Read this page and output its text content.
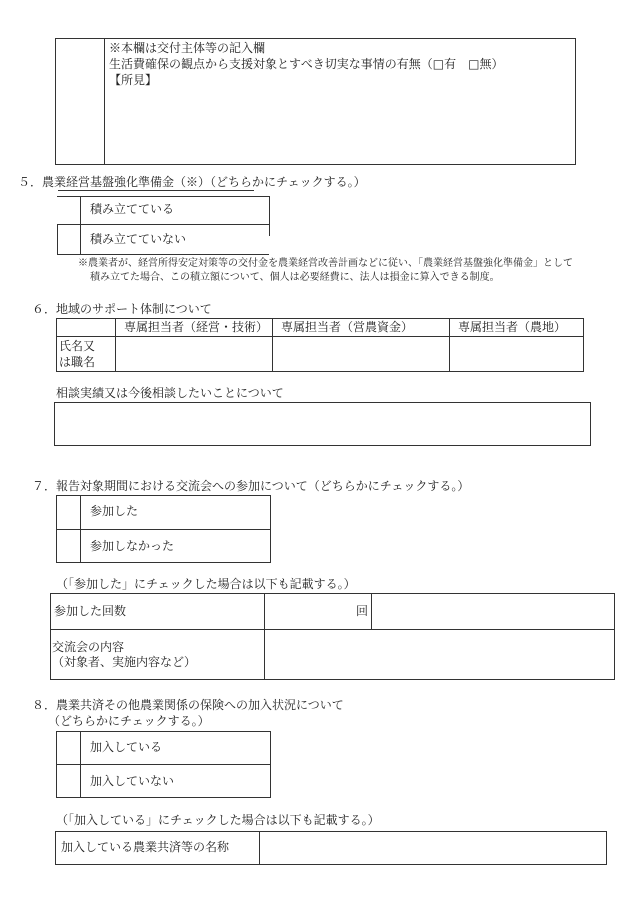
※本欄は交付主体等の記入欄
生活費確保の観点から支援対象とすべき切実な事情の有無（□有　□無）
【所見】
５．農業経営基盤強化準備金（※）（どちらかにチェックする。）
積み立てている
積み立てていない
※農業者が、経営所得安定対策等の交付金を農業経営改善計画などに従い、「農業経営基盤強化準備金」として
積み立てた場合、この積立額について、個人は必要経費に、法人は損金に算入できる制度。
６．地域のサポート体制について
専属担当者（経営・技術） 専属担当者（営農資金）	専属担当者（農地）
氏名又
は職名
相談実績又は今後相談したいことについて
７．報告対象期間における交流会への参加について（どちらかにチェックする。）
参加した
参加しなかった
（「参加した」にチェックした場合は以下も記載する。）
参加した回数	回
交流会の内容
（対象者、実施内容など）
８．農業共済その他農業関係の保険への加入状況について
（どちらかにチェックする。）
加入している
加入していない
（「加入している」にチェックした場合は以下も記載する。）
加入している農業共済等の名称
